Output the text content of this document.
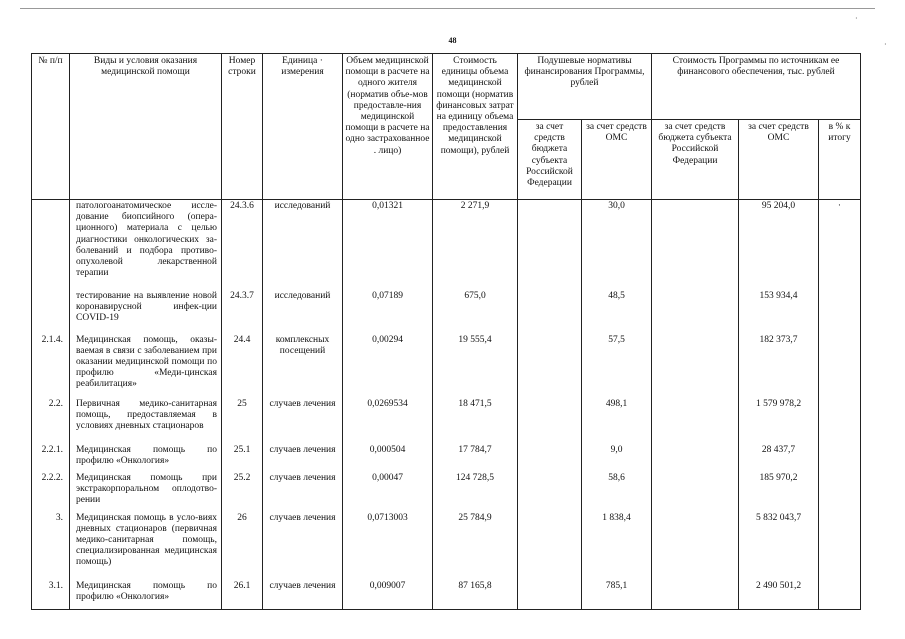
·
·
48
№ п/п	Виды и условия оказания медицинской помощи	Номер строки	Единица · измерения	Объем медицинской помощи в расчете на одного жителя (норматив объе-мов предоставле-ния медицинской помощи в расчете на одно застрахованное . лицо)	Стоимость единицы объема медицинской помощи (норматив финансовых затрат на единицу объема предоставления медицинской помощи), рублей	Подушевые нормативы финансирования Программы, рублей		Стоимость Программы по источникам ее финансового обеспечения, тыс. рублей		
						за счет средств бюджета субъекта Российской Федерации	за счет средств ОМС	за счет средств бюджета субъекта Российской Федерации	за счет средств ОМС	в % к итогу
	патологоанатомическое иссле-дование биопсийного (опера-ционного) материала с целью диагностики онкологических за-болеваний и подбора противо-опухолевой лекарственной терапии	24.3.6	исследований	0,01321	2 271,9		30,0		95 204,0	·
	тестирование на выявление новой коронавирусной инфек-ции COVID-19	24.3.7	исследований	0,07189	675,0		48,5		153 934,4	
2.1.4.	Медицинская помощь, оказы-ваемая в связи с заболеванием при оказании медицинской помощи по профилю «Меди-цинская реабилитация»	24.4	комплексных посещений	0,00294	19 555,4		57,5		182 373,7	
2.2.	Первичная медико-санитарная помощь, предоставляемая в условиях дневных стационаров	25	случаев лечения	0,0269534	18 471,5		498,1		1 579 978,2	
2.2.1.	Медицинская помощь по профилю «Онкология»	25.1	случаев лечения	0,000504	17 784,7		9,0		28 437,7	
2.2.2.	Медицинская помощь при экстракорпоральном оплодотво-рении	25.2	случаев лечения	0,00047	124 728,5		58,6		185 970,2	
3.	Медицинская помощь в усло-виях дневных стационаров (первичная медико-санитарная помощь, специализированная медицинская помощь)	26	случаев лечения	0,0713003	25 784,9		1 838,4		5 832 043,7	
3.1.	Медицинская помощь по профилю «Онкология»	26.1	случаев лечения	0,009007	87 165,8		785,1		2 490 501,2	
